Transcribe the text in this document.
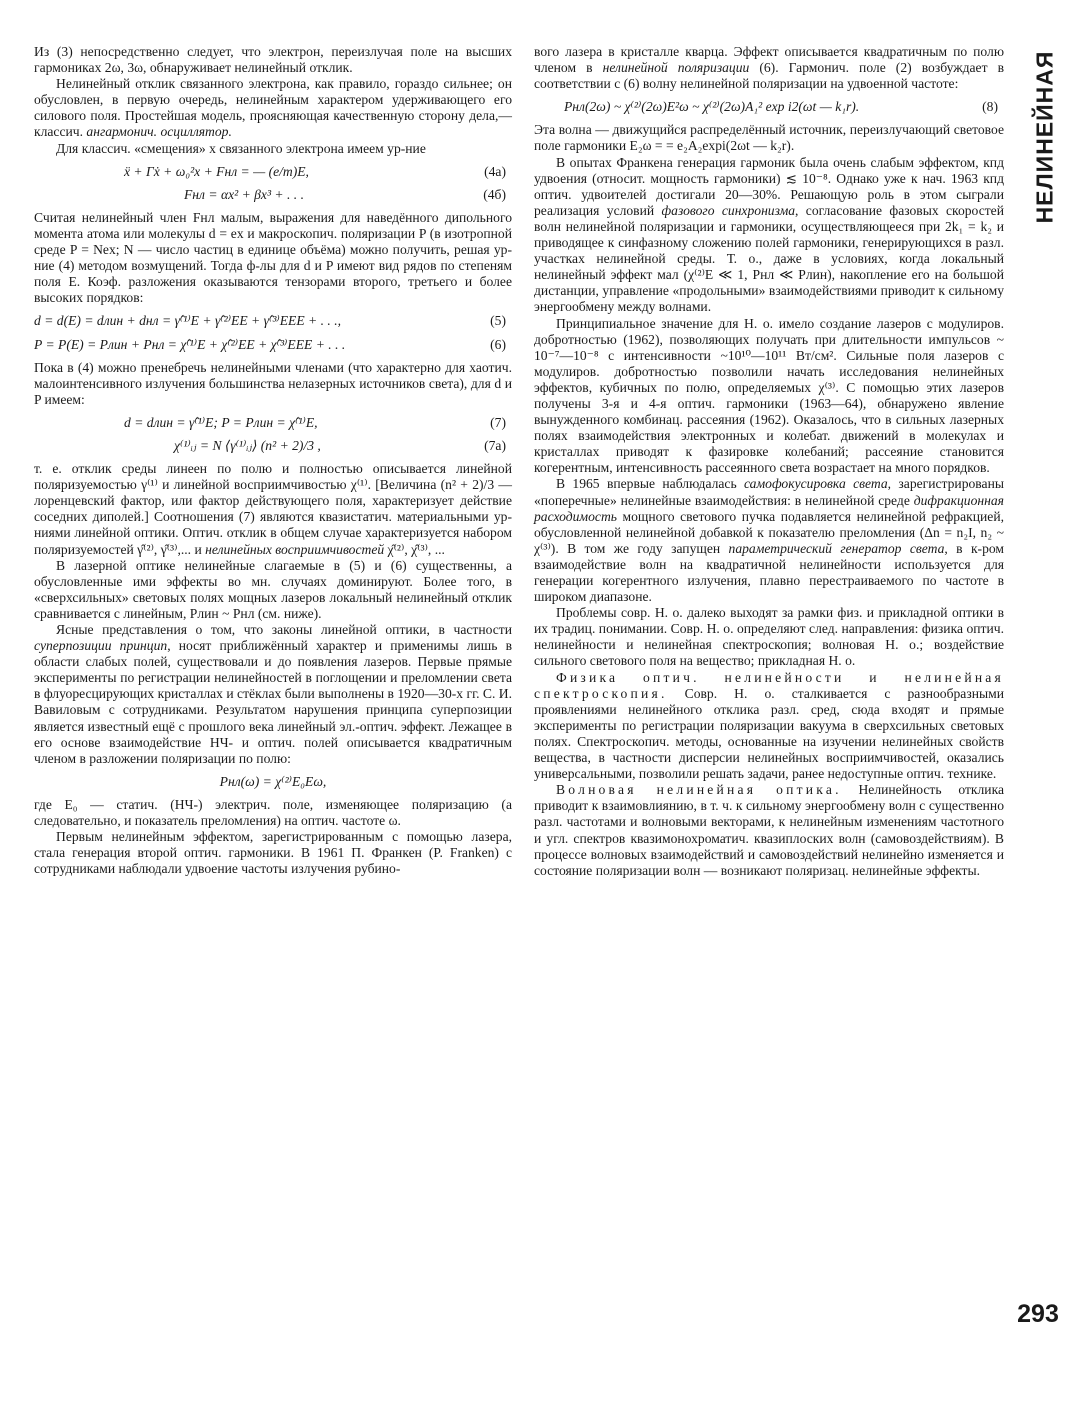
Из (3) непосредственно следует, что электрон, переизлучая поле на высших гармониках 2ω, 3ω, обнаруживает нелинейный отклик.

Нелинейный отклик связанного электрона, как правило, гораздо сильнее; он обусловлен, в первую очередь, нелинейным характером удерживающего его силового поля. Простейшая модель, проясняющая качественную сторону дела,— классич. ангармонич. осциллятор.

Для классич. «смещения» x связанного электрона имеем ур-ние

ẍ + Γẋ + ω₀²x + Fнл = — (e/m)E,	(4a)
Fнл = αx² + βx³ + . . .	(4б)

Считая нелинейный член Fнл малым, выражения для наведённого дипольного момента атома или молекулы d = ex и макроскопич. поляризации P (в изотропной среде P = Nex; N — число частиц в единице объёма) можно получить, решая ур-ние (4) методом возмущений. Тогда ф-лы для d и P имеют вид рядов по степеням поля E. Коэф. разложения оказываются тензорами второго, третьего и более высоких порядков:

d = d(E) = dлин + dнл = γ̂⁽¹⁾E + γ̂⁽²⁾EE + γ̂⁽³⁾EEE + . . .,	(5)
P = P(E) = Pлин + Pнл = χ̂⁽¹⁾E + χ̂⁽²⁾EE + χ̂⁽³⁾EEE + . . .	(6)

Пока в (4) можно пренебречь нелинейными членами (что характерно для хаотич. малоинтенсивного излучения большинства нелазерных источников света), для d и P имеем:

d = dлин = γ̂⁽¹⁾E; P = Pлин = χ̂⁽¹⁾E,	(7)
χ⁽¹⁾ᵢⱼ = N ⟨γ⁽¹⁾ᵢⱼ⟩ (n² + 2)/3 ,	(7a)

т. е. отклик среды линеен по полю и полностью описывается линейной поляризуемостью γ⁽¹⁾ и линейной восприимчивостью χ⁽¹⁾. [Величина (n² + 2)/3 — лоренцевский фактор, или фактор действующего поля, характеризует действие соседних диполей.] Соотношения (7) являются квазистатич. материальными ур-ниями линейной оптики. Оптич. отклик в общем случае характеризуется набором поляризуемостей γ̂⁽²⁾, γ̂⁽³⁾,... и нелинейных восприимчивостей χ̂⁽²⁾, χ̂⁽³⁾, ...

В лазерной оптике нелинейные слагаемые в (5) и (6) существенны, а обусловленные ими эффекты во мн. случаях доминируют. Более того, в «сверхсильных» световых полях мощных лазеров локальный нелинейный отклик сравнивается с линейным, Pлин ~ Pнл (см. ниже).

Ясные представления о том, что законы линейной оптики, в частности суперпозиции принцип, носят приближённый характер и применимы лишь в области слабых полей, существовали и до появления лазеров. Первые прямые эксперименты по регистрации нелинейностей в поглощении и преломлении света в флуоресцирующих кристаллах и стёклах были выполнены в 1920—30-х гг. С. И. Вавиловым с сотрудниками. Результатом нарушения принципа суперпозиции является известный ещё с прошлого века линейный эл.-оптич. эффект. Лежащее в его основе взаимодействие НЧ- и оптич. полей описывается квадратичным членом в разложении поляризации по полю:

Pнл(ω) = χ⁽²⁾E₀Eω,

где E₀ — статич. (НЧ-) электрич. поле, изменяющее поляризацию (а следовательно, и показатель преломления) на оптич. частоте ω.

Первым нелинейным эффектом, зарегистрированным с помощью лазера, стала генерация второй оптич. гармоники. В 1961 П. Франкен (P. Franken) с сотрудниками наблюдали удвоение частоты излучения рубино-

вого лазера в кристалле кварца. Эффект описывается квадратичным по полю членом в нелинейной поляризации (6). Гармонич. поле (2) возбуждает в соответствии с (6) волну нелинейной поляризации на удвоенной частоте:

Pнл(2ω) ~ χ⁽²⁾(2ω)E²ω ~ χ⁽²⁾(2ω)A₁² exp i2(ωt — k₁r).	(8)

Эта волна — движущийся распределённый источник, переизлучающий световое поле гармоники E₂ω = = e₂A₂expi(2ωt — k₂r).

В опытах Франкена генерация гармоник была очень слабым эффектом, кпд удвоения (относит. мощность гармоники) ≲ 10⁻⁸. Однако уже к нач. 1963 кпд оптич. удвоителей достигали 20—30%. Решающую роль в этом сыграли реализация условий фазового синхронизма, согласование фазовых скоростей волн нелинейной поляризации и гармоники, осуществляющееся при 2k₁ = k₂ и приводящее к синфазному сложению полей гармоники, генерирующихся в разл. участках нелинейной среды. Т. о., даже в условиях, когда локальный нелинейный эффект мал (χ⁽²⁾E ≪ 1, Pнл ≪ Pлин), накопление его на большой дистанции, управление «продольными» взаимодействиями приводит к сильному энергообмену между волнами.

Принципиальное значение для Н. о. имело создание лазеров с модулиров. добротностью (1962), позволяющих получать при длительности импульсов ~ 10⁻⁷—10⁻⁸ с интенсивности ~10¹⁰—10¹¹ Вт/см². Сильные поля лазеров с модулиров. добротностью позволили начать исследования нелинейных эффектов, кубичных по полю, определяемых χ⁽³⁾. С помощью этих лазеров получены 3-я и 4-я оптич. гармоники (1963—64), обнаружено явление вынужденного комбинац. рассеяния (1962). Оказалось, что в сильных лазерных полях взаимодействия электронных и колебат. движений в молекулах и кристаллах приводят к фазировке колебаний; рассеяние становится когерентным, интенсивность рассеянного света возрастает на много порядков.

В 1965 впервые наблюдалась самофокусировка света, зарегистрированы «поперечные» нелинейные взаимодействия: в нелинейной среде дифракционная расходимость мощного светового пучка подавляется нелинейной рефракцией, обусловленной нелинейной добавкой к показателю преломления (Δn = n₂I, n₂ ~ χ⁽³⁾). В том же году запущен параметрический генератор света, в к-ром взаимодействие волн на квадратичной нелинейности используется для генерации когерентного излучения, плавно перестраиваемого по частоте в широком диапазоне.

Проблемы совр. Н. о. далеко выходят за рамки физ. и прикладной оптики в их традиц. понимании. Совр. Н. о. определяют след. направления: физика оптич. нелинейности и нелинейная спектроскопия; волновая Н. о.; воздействие сильного светового поля на вещество; прикладная Н. о.

Физика оптич. нелинейности и нелинейная спектроскопия. Совр. Н. о. сталкивается с разнообразными проявлениями нелинейного отклика разл. сред, сюда входят и прямые эксперименты по регистрации поляризации вакуума в сверхсильных световых полях. Спектроскопич. методы, основанные на изучении нелинейных свойств вещества, в частности дисперсии нелинейных восприимчивостей, оказались универсальными, позволили решать задачи, ранее недоступные оптич. технике.

Волновая нелинейная оптика. Нелинейность отклика приводит к взаимовлиянию, в т. ч. к сильному энергообмену волн с существенно разл. частотами и волновыми векторами, к нелинейным изменениям частотного и угл. спектров квазимонохроматич. квазиплоских волн (самовоздействиям). В процессе волновых взаимодействий и самовоздействий нелинейно изменяется и состояние поляризации волн — возникают поляризац. нелинейные эффекты.

НЕЛИНЕЙНАЯ
293
